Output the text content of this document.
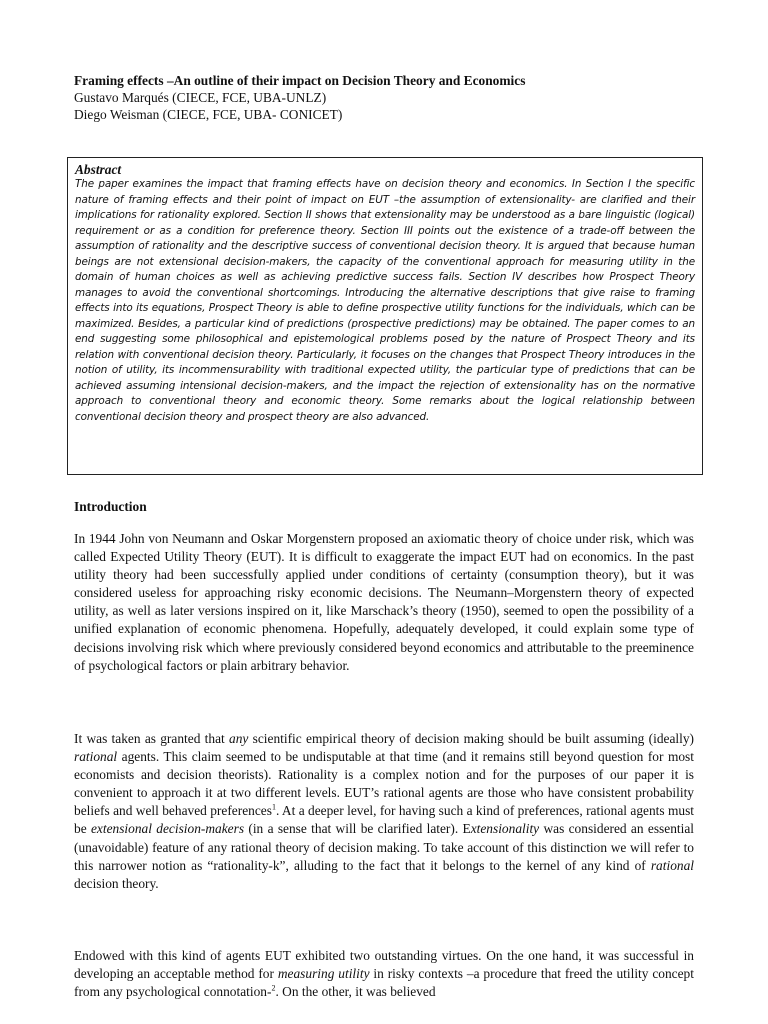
Framing effects –An outline of their impact on Decision Theory and Economics
Gustavo Marqués (CIECE, FCE, UBA-UNLZ)
Diego Weisman (CIECE, FCE, UBA- CONICET)
Abstract
The paper examines the impact that framing effects have on decision theory and economics. In Section I the specific nature of framing effects and their point of impact on EUT –the assumption of extensionality- are clarified and their implications for rationality explored. Section II shows that extensionality may be understood as a bare linguistic (logical) requirement or as a condition for preference theory. Section III points out the existence of a trade-off between the assumption of rationality and the descriptive success of conventional decision theory. It is argued that because human beings are not extensional decision-makers, the capacity of the conventional approach for measuring utility in the domain of human choices as well as achieving predictive success fails. Section IV describes how Prospect Theory manages to avoid the conventional shortcomings. Introducing the alternative descriptions that give raise to framing effects into its equations, Prospect Theory is able to define prospective utility functions for the individuals, which can be maximized. Besides, a particular kind of predictions (prospective predictions) may be obtained. The paper comes to an end suggesting some philosophical and epistemological problems posed by the nature of Prospect Theory and its relation with conventional decision theory. Particularly, it focuses on the changes that Prospect Theory introduces in the notion of utility, its incommensurability with traditional expected utility, the particular type of predictions that can be achieved assuming intensional decision-makers, and the impact the rejection of extensionality has on the normative approach to conventional theory and economic theory. Some remarks about the logical relationship between conventional decision theory and prospect theory are also advanced.
Introduction
In 1944 John von Neumann and Oskar Morgenstern proposed an axiomatic theory of choice under risk, which was called Expected Utility Theory (EUT). It is difficult to exaggerate the impact EUT had on economics. In the past utility theory had been successfully applied under conditions of certainty (consumption theory), but it was considered useless for approaching risky economic decisions. The Neumann–Morgenstern theory of expected utility, as well as later versions inspired on it, like Marschack’s theory (1950), seemed to open the possibility of a unified explanation of economic phenomena. Hopefully, adequately developed, it could explain some type of decisions involving risk which where previously considered beyond economics and attributable to the preeminence of psychological factors or plain arbitrary behavior.
It was taken as granted that any scientific empirical theory of decision making should be built assuming (ideally) rational agents. This claim seemed to be undisputable at that time (and it remains still beyond question for most economists and decision theorists). Rationality is a complex notion and for the purposes of our paper it is convenient to approach it at two different levels. EUT’s rational agents are those who have consistent probability beliefs and well behaved preferences$^1$. At a deeper level, for having such a kind of preferences, rational agents must be extensional decision-makers (in a sense that will be clarified later). Extensionality was considered an essential (unavoidable) feature of any rational theory of decision making. To take account of this distinction we will refer to this narrower notion as “rationality-k”, alluding to the fact that it belongs to the kernel of any kind of rational decision theory.
Endowed with this kind of agents EUT exhibited two outstanding virtues. On the one hand, it was successful in developing an acceptable method for measuring utility in risky contexts –a procedure that freed the utility concept from any psychological connotation-$^2$. On the other, it was believed
